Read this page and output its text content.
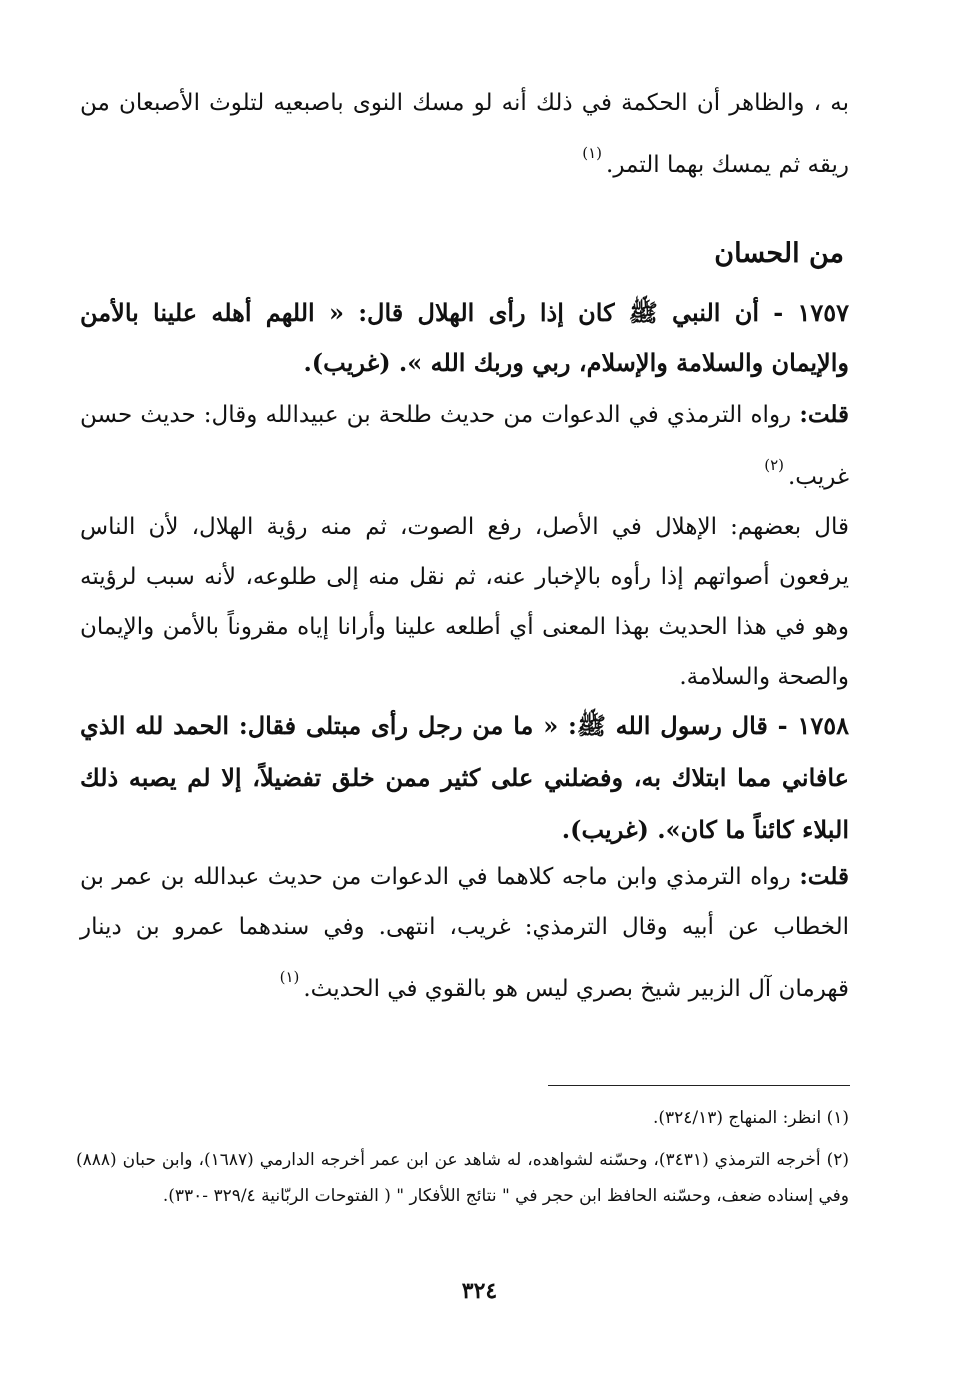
به ، والظاهر أن الحكمة في ذلك أنه لو مسك النوى باصبعيه لتلوث الأصبعان من ريقه ثم يمسك بهما التمر.$^{(١)}$

من الحسان

١٧٥٧ - أن النبي ﷺ كان إذا رأى الهلال قال: « اللهم أهله علينا بالأمن والإيمان والسلامة والإسلام، ربي وربك الله ». (غريب).

قلت: رواه الترمذي في الدعوات من حديث طلحة بن عبيدالله وقال: حديث حسن غريب.$^{(٢)}$

قال بعضهم: الإهلال في الأصل، رفع الصوت، ثم منه رؤية الهلال، لأن الناس يرفعون أصواتهم إذا رأوه بالإخبار عنه، ثم نقل منه إلى طلوعه، لأنه سبب لرؤيته وهو في هذا الحديث بهذا المعنى أي أطلعه علينا وأرانا إياه مقروناً بالأمن والإيمان والصحة والسلامة.

١٧٥٨ - قال رسول الله ﷺ: « ما من رجل رأى مبتلى فقال: الحمد لله الذي عافاني مما ابتلاك به، وفضلني على كثير ممن خلق تفضيلاً، إلا لم يصبه ذلك البلاء كائناً ما كان». (غريب).

قلت: رواه الترمذي وابن ماجه كلاهما في الدعوات من حديث عبدالله بن عمر بن الخطاب عن أبيه وقال الترمذي: غريب، انتهى. وفي سندهما عمرو بن دينار قهرمان آل الزبير شيخ بصري ليس هو بالقوي في الحديث.$^{(١)}$

(١) انظر: المنهاج (٣٢٤/١٣).

(٢) أخرجه الترمذي (٣٤٣١)، وحسّنه لشواهده، له شاهد عن ابن عمر أخرجه الدارمي (١٦٨٧)، وابن حبان (٨٨٨) وفي إسناده ضعف، وحسّنه الحافظ ابن حجر في " نتائج اللأفكار " ( الفتوحات الربّانية ٣٢٩/٤ -٣٣٠).

٣٢٤
